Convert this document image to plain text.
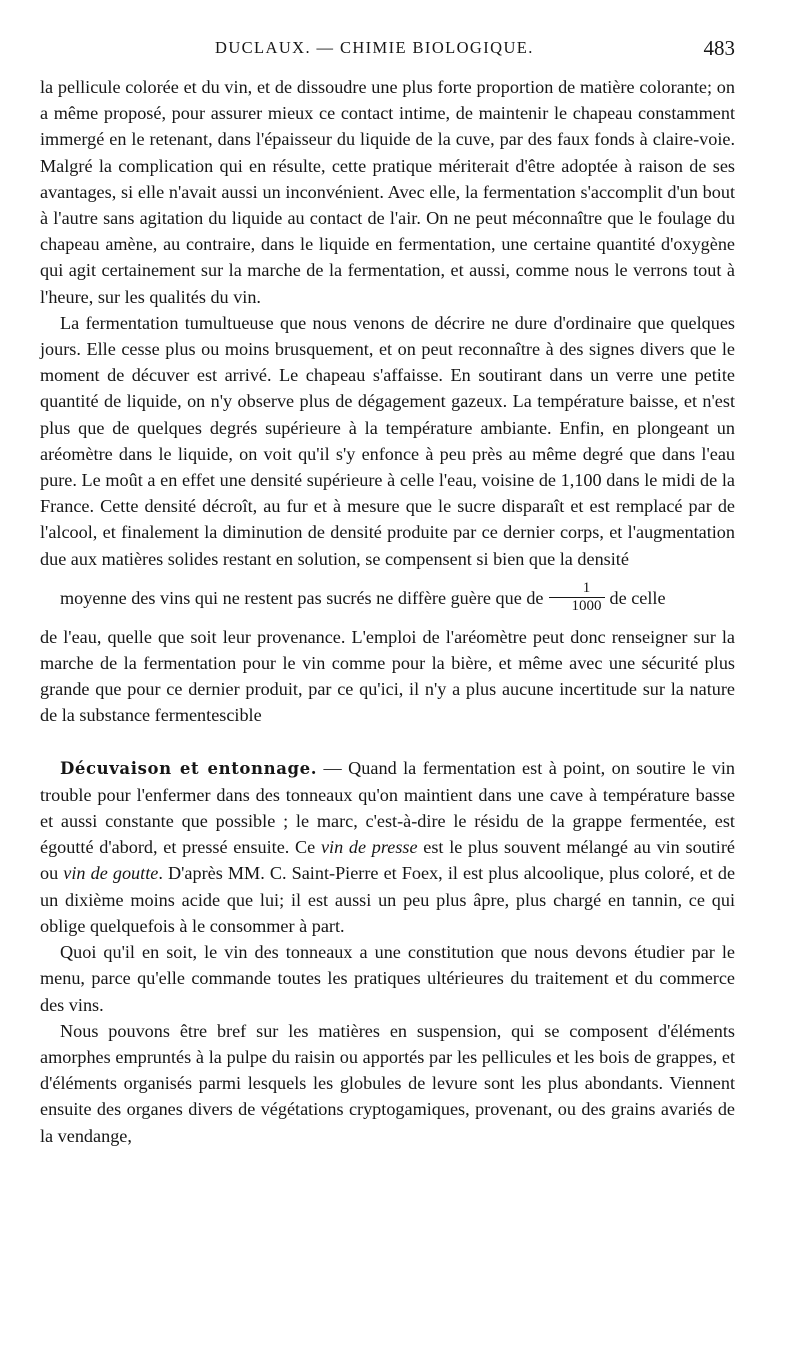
DUCLAUX. — CHIMIE BIOLOGIQUE.	483

la pellicule colorée et du vin, et de dissoudre une plus forte proportion de matière colorante; on a même proposé, pour assurer mieux ce contact intime, de maintenir le chapeau constamment immergé en le retenant, dans l'épaisseur du liquide de la cuve, par des faux fonds à claire-voie. Malgré la complication qui en résulte, cette pratique mériterait d'être adoptée à raison de ses avantages, si elle n'avait aussi un inconvénient. Avec elle, la fermentation s'accomplit d'un bout à l'autre sans agitation du liquide au contact de l'air. On ne peut méconnaître que le foulage du chapeau amène, au contraire, dans le liquide en fermentation, une certaine quantité d'oxygène qui agit certainement sur la marche de la fermentation, et aussi, comme nous le verrons tout à l'heure, sur les qualités du vin.

La fermentation tumultueuse que nous venons de décrire ne dure d'ordinaire que quelques jours. Elle cesse plus ou moins brusquement, et on peut reconnaître à des signes divers que le moment de décuver est arrivé. Le chapeau s'affaisse. En soutirant dans un verre une petite quantité de liquide, on n'y observe plus de dégagement gazeux. La température baisse, et n'est plus que de quelques degrés supérieure à la température ambiante. Enfin, en plongeant un aréomètre dans le liquide, on voit qu'il s'y enfonce à peu près au même degré que dans l'eau pure. Le moût a en effet une densité supérieure à celle l'eau, voisine de 1,100 dans le midi de la France. Cette densité décroît, au fur et à mesure que le sucre disparaît et est remplacé par de l'alcool, et finalement la diminution de densité produite par ce dernier corps, et l'augmentation due aux matières solides restant en solution, se compensent si bien que la densité
moyenne des vins qui ne restent pas sucrés ne diffère guère que de $\frac{1}{1000}$ de celle
de l'eau, quelle que soit leur provenance. L'emploi de l'aréomètre peut donc renseigner sur la marche de la fermentation pour le vin comme pour la bière, et même avec une sécurité plus grande que pour ce dernier produit, par ce qu'ici, il n'y a plus aucune incertitude sur la nature de la substance fermentescible

Décuvaison et entonnage. — Quand la fermentation est à point, on soutire le vin trouble pour l'enfermer dans des tonneaux qu'on maintient dans une cave à température basse et aussi constante que possible ; le marc, c'est-à-dire le résidu de la grappe fermentée, est égoutté d'abord, et pressé ensuite. Ce vin de presse est le plus souvent mélangé au vin soutiré ou vin de goutte. D'après MM. C. Saint-Pierre et Foex, il est plus alcoolique, plus coloré, et de un dixième moins acide que lui; il est aussi un peu plus âpre, plus chargé en tannin, ce qui oblige quelquefois à le consommer à part.

Quoi qu'il en soit, le vin des tonneaux a une constitution que nous devons étudier par le menu, parce qu'elle commande toutes les pratiques ultérieures du traitement et du commerce des vins.

Nous pouvons être bref sur les matières en suspension, qui se composent d'éléments amorphes empruntés à la pulpe du raisin ou apportés par les pellicules et les bois de grappes, et d'éléments organisés parmi lesquels les globules de levure sont les plus abondants. Viennent ensuite des organes divers de végétations cryptogamiques, provenant, ou des grains avariés de la vendange,
